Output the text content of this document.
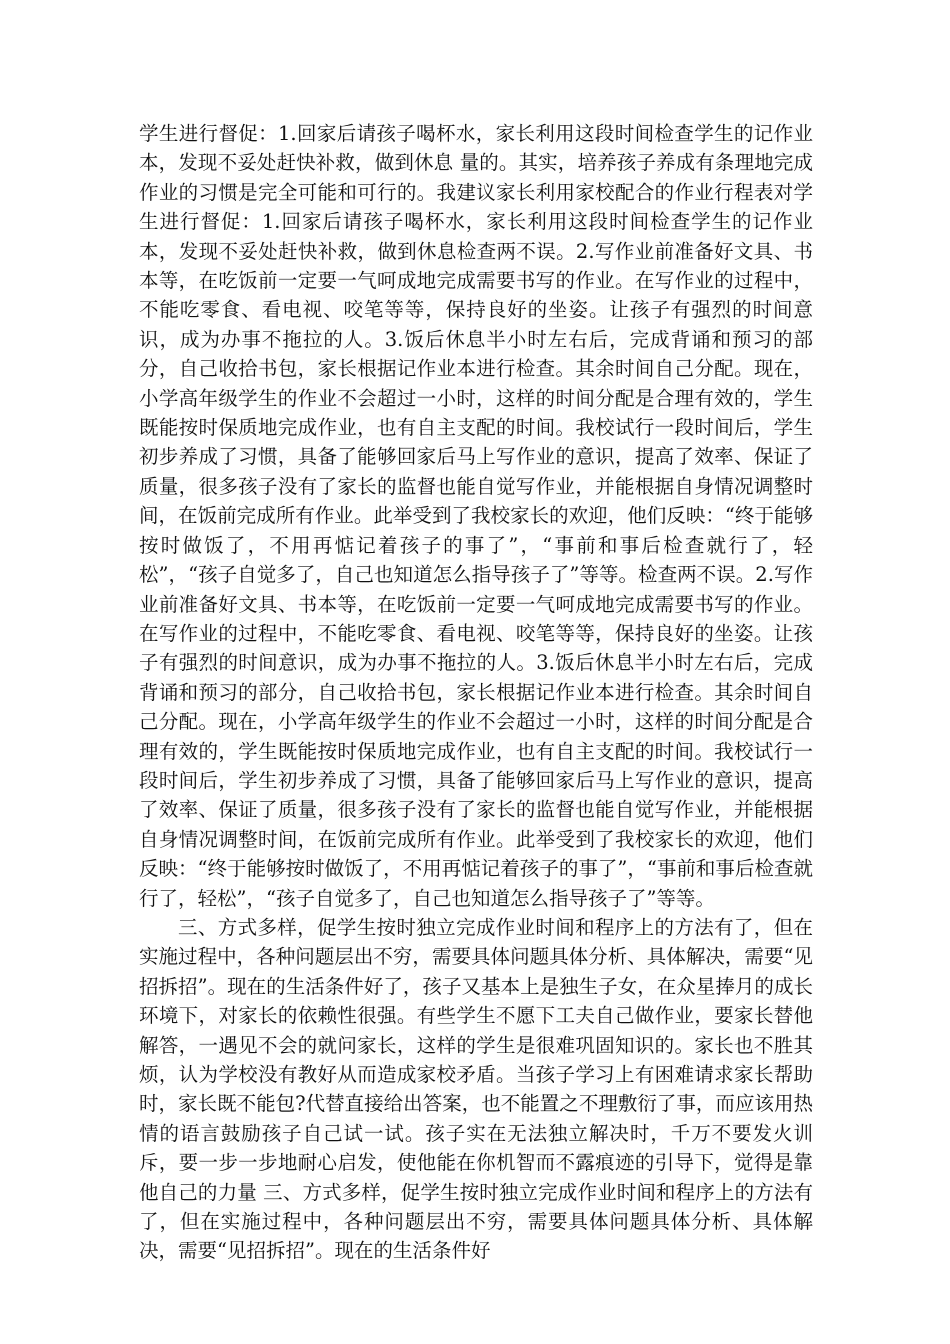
学生进行督促：1.回家后请孩子喝杯水，家长利用这段时间检查学生的记作业本，发现不妥处赶快补救，做到休息 量的。其实，培养孩子养成有条理地完成作业的习惯是完全可能和可行的。我建议家长利用家校配合的作业行程表对学生进行督促：1.回家后请孩子喝杯水，家长利用这段时间检查学生的记作业本，发现不妥处赶快补救，做到休息检查两不误。2.写作业前准备好文具、书本等，在吃饭前一定要一气呵成地完成需要书写的作业。在写作业的过程中，不能吃零食、看电视、咬笔等等，保持良好的坐姿。让孩子有强烈的时间意识，成为办事不拖拉的人。3.饭后休息半小时左右后，完成背诵和预习的部分，自己收拾书包，家长根据记作业本进行检查。其余时间自己分配。现在，小学高年级学生的作业不会超过一小时，这样的时间分配是合理有效的，学生既能按时保质地完成作业，也有自主支配的时间。我校试行一段时间后，学生初步养成了习惯，具备了能够回家后马上写作业的意识，提高了效率、保证了质量，很多孩子没有了家长的监督也能自觉写作业，并能根据自身情况调整时间，在饭前完成所有作业。此举受到了我校家长的欢迎，他们反映：“终于能够按时做饭了，不用再惦记着孩子的事了”，“事前和事后检查就行了，轻松”，“孩子自觉多了，自己也知道怎么指导孩子了”等等。检查两不误。2.写作业前准备好文具、书本等，在吃饭前一定要一气呵成地完成需要书写的作业。在写作业的过程中，不能吃零食、看电视、咬笔等等，保持良好的坐姿。让孩子有强烈的时间意识，成为办事不拖拉的人。3.饭后休息半小时左右后，完成背诵和预习的部分，自己收拾书包，家长根据记作业本进行检查。其余时间自己分配。现在，小学高年级学生的作业不会超过一小时，这样的时间分配是合理有效的，学生既能按时保质地完成作业，也有自主支配的时间。我校试行一段时间后，学生初步养成了习惯，具备了能够回家后马上写作业的意识，提高了效率、保证了质量，很多孩子没有了家长的监督也能自觉写作业，并能根据自身情况调整时间，在饭前完成所有作业。此举受到了我校家长的欢迎，他们反映：“终于能够按时做饭了，不用再惦记着孩子的事了”，“事前和事后检查就行了，轻松”，“孩子自觉多了，自己也知道怎么指导孩子了”等等。

三、方式多样，促学生按时独立完成作业时间和程序上的方法有了，但在实施过程中，各种问题层出不穷，需要具体问题具体分析、具体解决，需要“见招拆招”。现在的生活条件好了，孩子又基本上是独生子女，在众星捧月的成长环境下，对家长的依赖性很强。有些学生不愿下工夫自己做作业，要家长替他解答，一遇见不会的就问家长，这样的学生是很难巩固知识的。家长也不胜其烦，认为学校没有教好从而造成家校矛盾。当孩子学习上有困难请求家长帮助时，家长既不能包?代替直接给出答案，也不能置之不理敷衍了事，而应该用热情的语言鼓励孩子自己试一试。孩子实在无法独立解决时，千万不要发火训斥，要一步一步地耐心启发，使他能在你机智而不露痕迹的引导下，觉得是靠他自己的力量 三、方式多样，促学生按时独立完成作业时间和程序上的方法有了，但在实施过程中，各种问题层出不穷，需要具体问题具体分析、具体解决，需要“见招拆招”。现在的生活条件好
